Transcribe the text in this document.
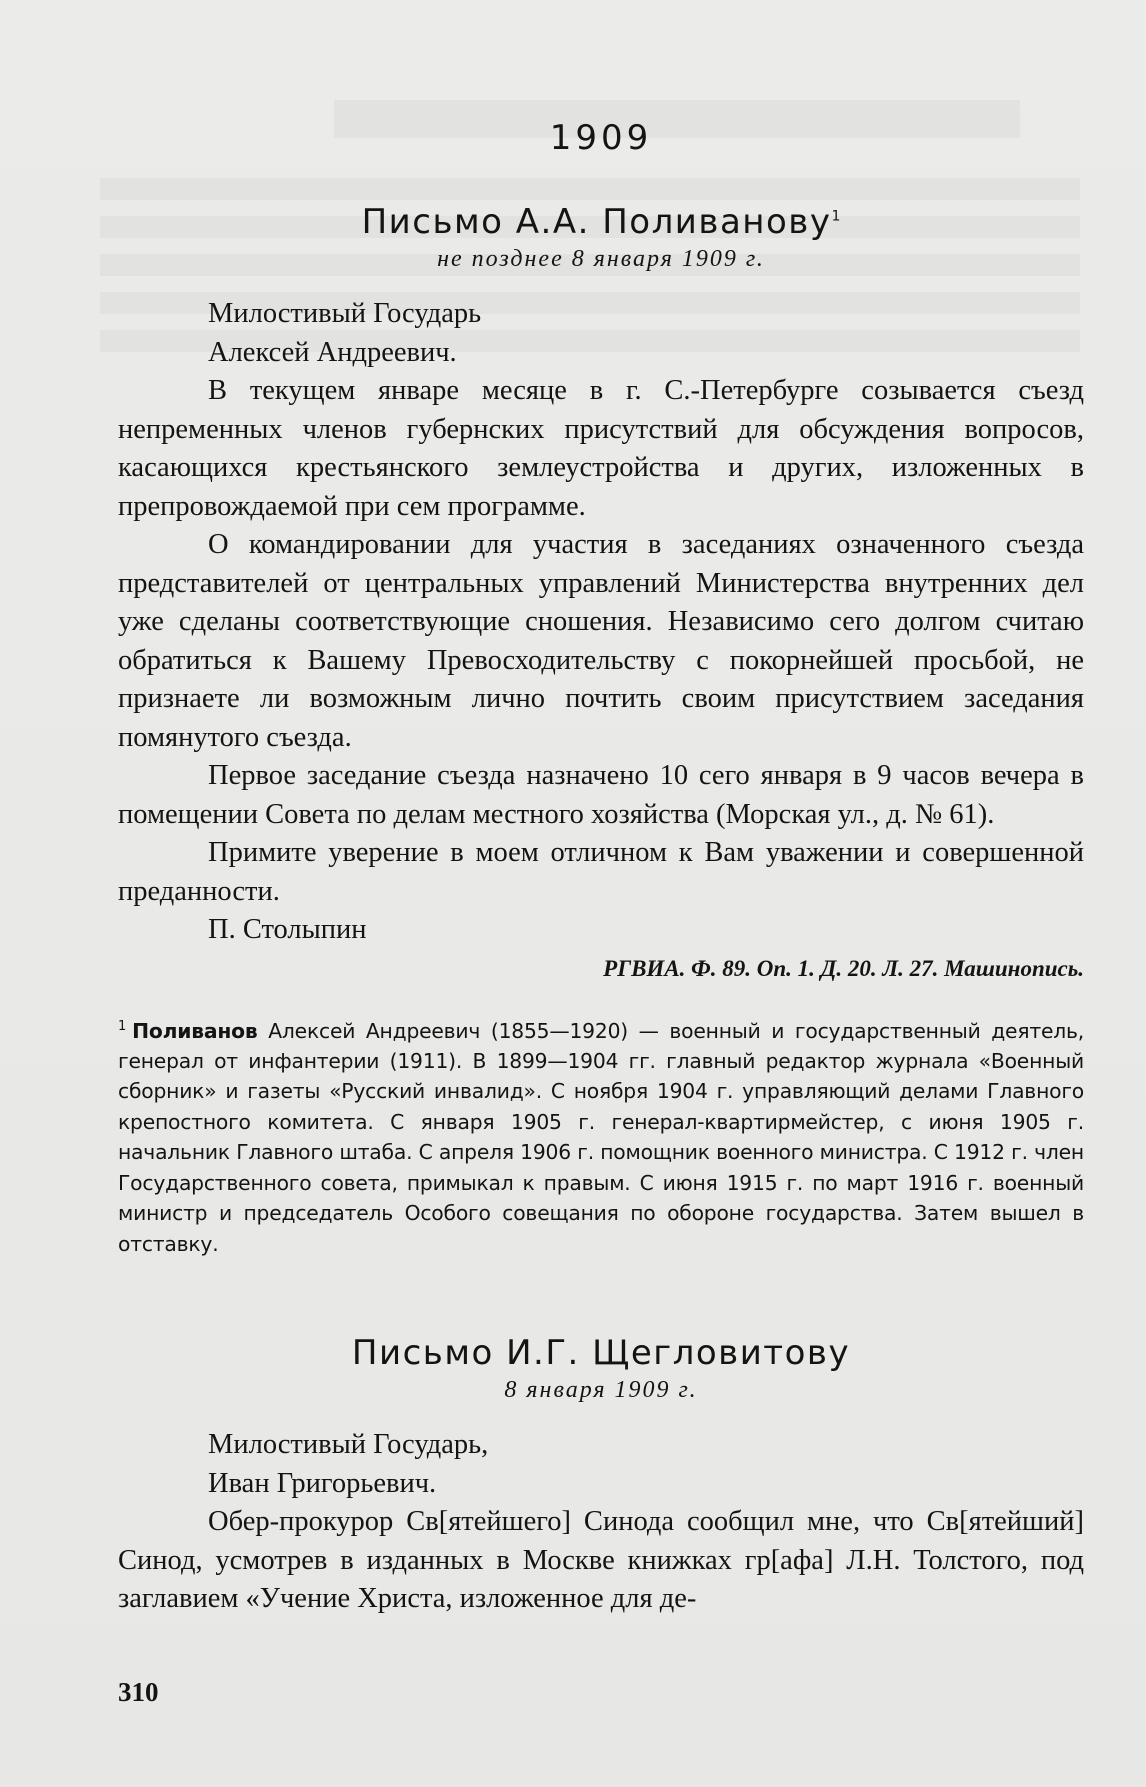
1909
Письмо А.А. Поливанову$^1$
не позднее 8 января 1909 г.

Милостивый Государь

Алексей Андреевич.

В текущем январе месяце в г. С.-Петербурге созывается съезд непременных членов губернских присутствий для обсуждения вопросов, касающихся крестьянского землеустройства и других, изложенных в препровождаемой при сем программе.

О командировании для участия в заседаниях означенного съезда представителей от центральных управлений Министерства внутренних дел уже сделаны соответствующие сношения. Независимо сего долгом считаю обратиться к Вашему Превосходительству с покорнейшей просьбой, не признаете ли возможным лично почтить своим присутствием заседания помянутого съезда.

Первое заседание съезда назначено 10 сего января в 9 часов вечера в помещении Совета по делам местного хозяйства (Морская ул., д. № 61).

Примите уверение в моем отличном к Вам уважении и совершенной преданности.

П. Столыпин

РГВИА. Ф. 89. Оп. 1. Д. 20. Л. 27. Машинопись.
$^1$ Поливанов Алексей Андреевич (1855—1920) — военный и государственный деятель, генерал от инфантерии (1911). В 1899—1904 гг. главный редактор журнала «Военный сборник» и газеты «Русский инвалид». С ноября 1904 г. управляющий делами Главного крепостного комитета. С января 1905 г. генерал-квартирмейстер, с июня 1905 г. начальник Главного штаба. С апреля 1906 г. помощник военного министра. С 1912 г. член Государственного совета, примыкал к правым. С июня 1915 г. по март 1916 г. военный министр и председатель Особого совещания по обороне государства. Затем вышел в отставку.
Письмо И.Г. Щегловитову
8 января 1909 г.

Милостивый Государь,

Иван Григорьевич.

Обер-прокурор Св[ятейшего] Синода сообщил мне, что Св[ятейший] Синод, усмотрев в изданных в Москве книжках гр[афа] Л.Н. Толстого, под заглавием «Учение Христа, изложенное для де-

310
